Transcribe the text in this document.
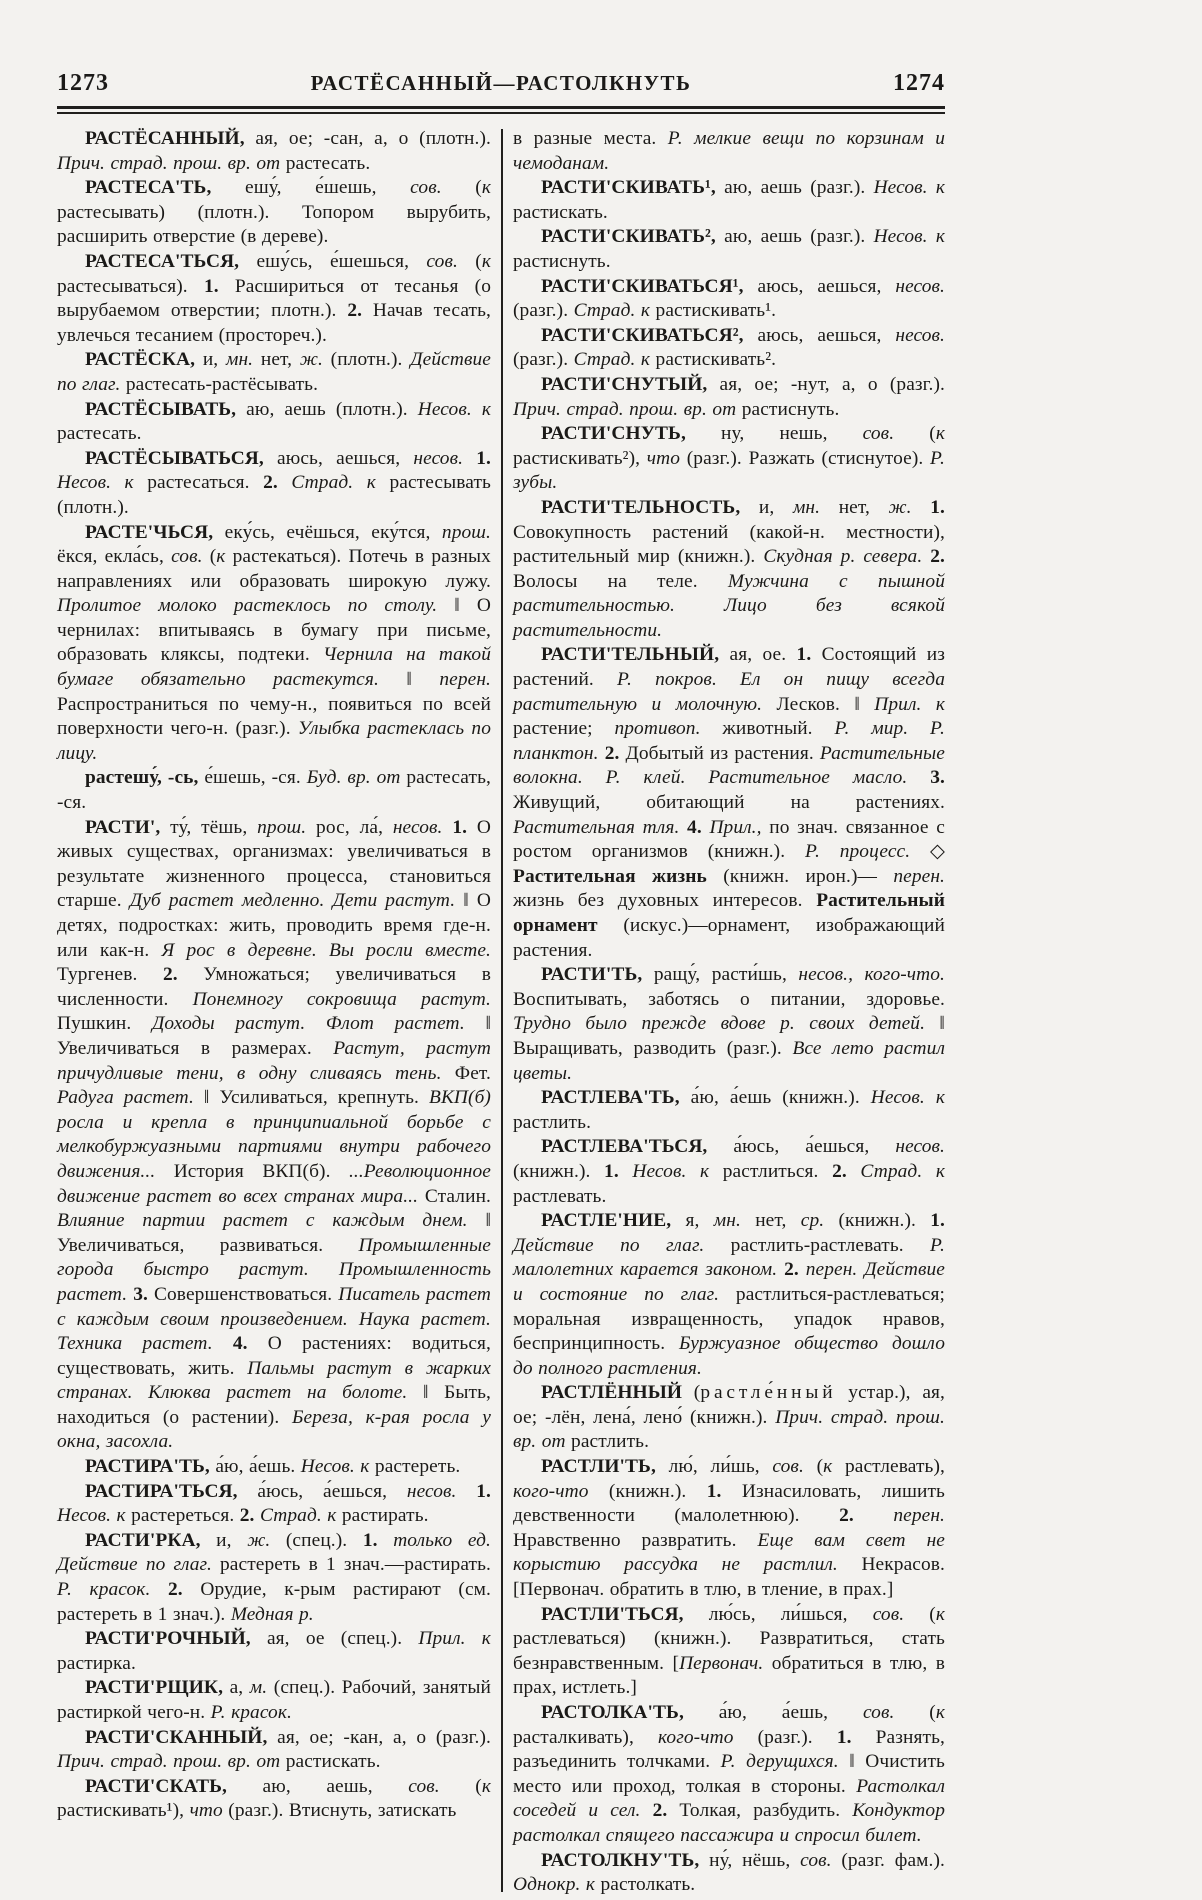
1273	РАСТЁСАННЫЙ—РАСТОЛКНУТЬ	1274

РАСТЁСАННЫЙ, ая, ое; -сан, а, о (плотн.). Прич. страд. прош. вр. от растесать.

РАСТЕСА'ТЬ, ешу́, е́шешь, сов. (к растесывать) (плотн.). Топором вырубить, расширить отверстие (в дереве).

РАСТЕСА'ТЬСЯ, ешу́сь, е́шешься, сов. (к растесываться). 1. Расшириться от тесанья (о вырубаемом отверстии; плотн.). 2. Начав тесать, увлечься тесанием (простореч.).

РАСТЁСКА, и, мн. нет, ж. (плотн.). Действие по глаг. растесать-растёсывать.

РАСТЁСЫВАТЬ, аю, аешь (плотн.). Несов. к растесать.

РАСТЁСЫВАТЬСЯ, аюсь, аешься, несов. 1. Несов. к растесаться. 2. Страд. к растесывать (плотн.).

РАСТЕ'ЧЬСЯ, еку́сь, ечёшься, еку́тся, прош. ёкся, екла́сь, сов. (к растекаться). Потечь в разных направлениях или образовать широкую лужу. Пролитое молоко растеклось по столу. ‖ О чернилах: впитываясь в бумагу при письме, образовать кляксы, подтеки. Чернила на такой бумаге обязательно растекутся. ‖ перен. Распространиться по чему-н., появиться по всей поверхности чего-н. (разг.). Улыбка растеклась по лицу.

растешу́, -сь, е́шешь, -ся. Буд. вр. от растесать, -ся.

РАСТИ', ту́, тёшь, прош. рос, ла́, несов. 1. О живых существах, организмах: увеличиваться в результате жизненного процесса, становиться старше. Дуб растет медленно. Дети растут. ‖ О детях, подростках: жить, проводить время где-н. или как-н. Я рос в деревне. Вы росли вместе. Тургенев. 2. Умножаться; увеличиваться в численности. Понемногу сокровища растут. Пушкин. Доходы растут. Флот растет. ‖ Увеличиваться в размерах. Растут, растут причудливые тени, в одну сливаясь тень. Фет. Радуга растет. ‖ Усиливаться, крепнуть. ВКП(б) росла и крепла в принципиальной борьбе с мелкобуржуазными партиями внутри рабочего движения... История ВКП(б). ...Революционное движение растет во всех странах мира... Сталин. Влияние партии растет с каждым днем. ‖ Увеличиваться, развиваться. Промышленные города быстро растут. Промышленность растет. 3. Совершенствоваться. Писатель растет с каждым своим произведением. Наука растет. Техника растет. 4. О растениях: водиться, существовать, жить. Пальмы растут в жарких странах. Клюква растет на болоте. ‖ Быть, находиться (о растении). Береза, к-рая росла у окна, засохла.

РАСТИРА'ТЬ, а́ю, а́ешь. Несов. к растереть.

РАСТИРА'ТЬСЯ, а́юсь, а́ешься, несов. 1. Несов. к растереться. 2. Страд. к растирать.

РАСТИ'РКА, и, ж. (спец.). 1. только ед. Действие по глаг. растереть в 1 знач.—растирать. Р. красок. 2. Орудие, к-рым растирают (см. растереть в 1 знач.). Медная р.

РАСТИ'РОЧНЫЙ, ая, ое (спец.). Прил. к растирка.

РАСТИ'РЩИК, а, м. (спец.). Рабочий, занятый растиркой чего-н. Р. красок.

РАСТИ'СКАННЫЙ, ая, ое; -кан, а, о (разг.). Прич. страд. прош. вр. от растискать.

РАСТИ'СКАТЬ, аю, аешь, сов. (к растискивать¹), что (разг.). Втиснуть, затискать

в разные места. Р. мелкие вещи по корзинам и чемоданам.

РАСТИ'СКИВАТЬ¹, аю, аешь (разг.). Несов. к растискать.

РАСТИ'СКИВАТЬ², аю, аешь (разг.). Несов. к растиснуть.

РАСТИ'СКИВАТЬСЯ¹, аюсь, аешься, несов. (разг.). Страд. к растискивать¹.

РАСТИ'СКИВАТЬСЯ², аюсь, аешься, несов. (разг.). Страд. к растискивать².

РАСТИ'СНУТЫЙ, ая, ое; -нут, а, о (разг.). Прич. страд. прош. вр. от растиснуть.

РАСТИ'СНУТЬ, ну, нешь, сов. (к растискивать²), что (разг.). Разжать (стиснутое). Р. зубы.

РАСТИ'ТЕЛЬНОСТЬ, и, мн. нет, ж. 1. Совокупность растений (какой-н. местности), растительный мир (книжн.). Скудная р. севера. 2. Волосы на теле. Мужчина с пышной растительностью. Лицо без всякой растительности.

РАСТИ'ТЕЛЬНЫЙ, ая, ое. 1. Состоящий из растений. Р. покров. Ел он пищу всегда растительную и молочную. Лесков. ‖ Прил. к растение; противоп. животный. Р. мир. Р. планктон. 2. Добытый из растения. Растительные волокна. Р. клей. Растительное масло. 3. Живущий, обитающий на растениях. Растительная тля. 4. Прил., по знач. связанное с ростом организмов (книжн.). Р. процесс. ◇ Растительная жизнь (книжн. ирон.)— перен. жизнь без духовных интересов. Растительный орнамент (искус.)—орнамент, изображающий растения.

РАСТИ'ТЬ, ращу́, расти́шь, несов., кого-что. Воспитывать, заботясь о питании, здоровье. Трудно было прежде вдове р. своих детей. ‖ Выращивать, разводить (разг.). Все лето растил цветы.

РАСТЛЕВА'ТЬ, а́ю, а́ешь (книжн.). Несов. к растлить.

РАСТЛЕВА'ТЬСЯ, а́юсь, а́ешься, несов. (книжн.). 1. Несов. к растлиться. 2. Страд. к растлевать.

РАСТЛЕ'НИЕ, я, мн. нет, ср. (книжн.). 1. Действие по глаг. растлить-растлевать. Р. малолетних карается законом. 2. перен. Действие и состояние по глаг. растлиться-растлеваться; моральная извращенность, упадок нравов, беспринципность. Буржуазное общество дошло до полного растления.

РАСТЛЁННЫЙ (растле́нный устар.), ая, ое; -лён, лена́, лено́ (книжн.). Прич. страд. прош. вр. от растлить.

РАСТЛИ'ТЬ, лю́, ли́шь, сов. (к растлевать), кого-что (книжн.). 1. Изнасиловать, лишить девственности (малолетнюю). 2. перен. Нравственно развратить. Еще вам свет не корыстию рассудка не растлил. Некрасов. [Первонач. обратить в тлю, в тление, в прах.]

РАСТЛИ'ТЬСЯ, лю́сь, ли́шься, сов. (к растлеваться) (книжн.). Развратиться, стать безнравственным. [Первонач. обратиться в тлю, в прах, истлеть.]

РАСТОЛКА'ТЬ, а́ю, а́ешь, сов. (к расталкивать), кого-что (разг.). 1. Разнять, разъединить толчками. Р. дерущихся. ‖ Очистить место или проход, толкая в стороны. Растолкал соседей и сел. 2. Толкая, разбудить. Кондуктор растолкал спящего пассажира и спросил билет.

РАСТОЛКНУ'ТЬ, ну́, нёшь, сов. (разг. фам.). Однокр. к растолкать.
